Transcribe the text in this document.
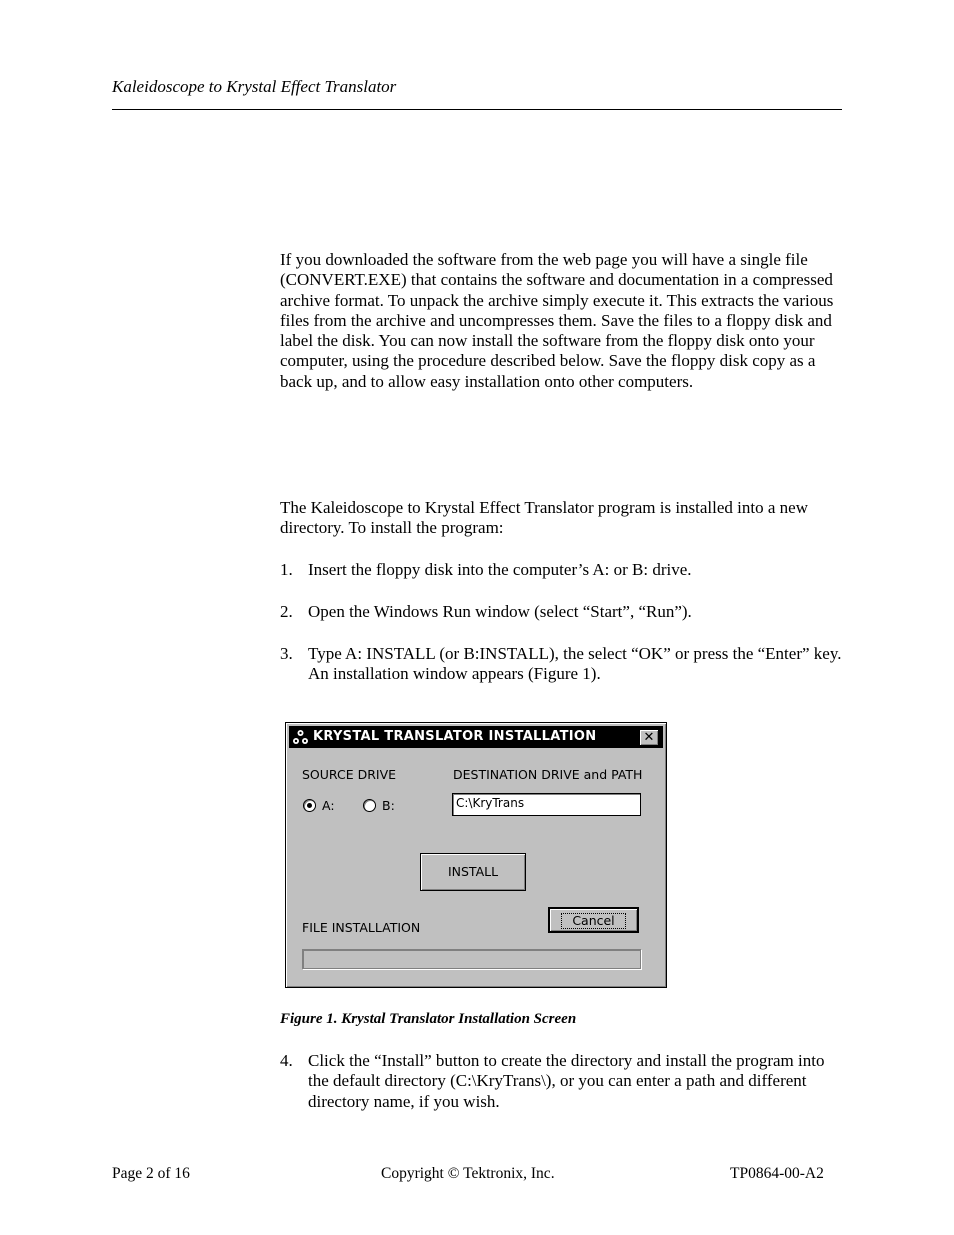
Kaleidoscope to Krystal Effect Translator

If you downloaded the software from the web page you will have a single file (CONVERT.EXE) that contains the software and documentation in a compressed archive format. To unpack the archive simply execute it. This extracts the various files from the archive and uncompresses them. Save the files to a floppy disk and label the disk. You can now install the software from the floppy disk onto your computer, using the procedure described below. Save the floppy disk copy as a back up, and to allow easy installation onto other computers.

The Kaleidoscope to Krystal Effect Translator program is installed into a new directory. To install the program:

1. Insert the floppy disk into the computer’s A: or B: drive.
2. Open the Windows Run window (select “Start”, “Run”).
3. Type A: INSTALL (or B:INSTALL), the select “OK” or press the “Enter” key. An installation window appears (Figure 1).
KRYSTAL TRANSLATOR INSTALLATION	✕
SOURCE DRIVE	DESTINATION DRIVE and PATH
A:	B:	C:\KryTrans
INSTALL
FILE INSTALLATION	Cancel
Figure 1. Krystal Translator Installation Screen
4. Click the “Install” button to create the directory and install the program into the default directory (C:\KryTrans\), or you can enter a path and different directory name, if you wish.
Page 2 of 16	Copyright © Tektronix, Inc.	TP0864-00-A2
